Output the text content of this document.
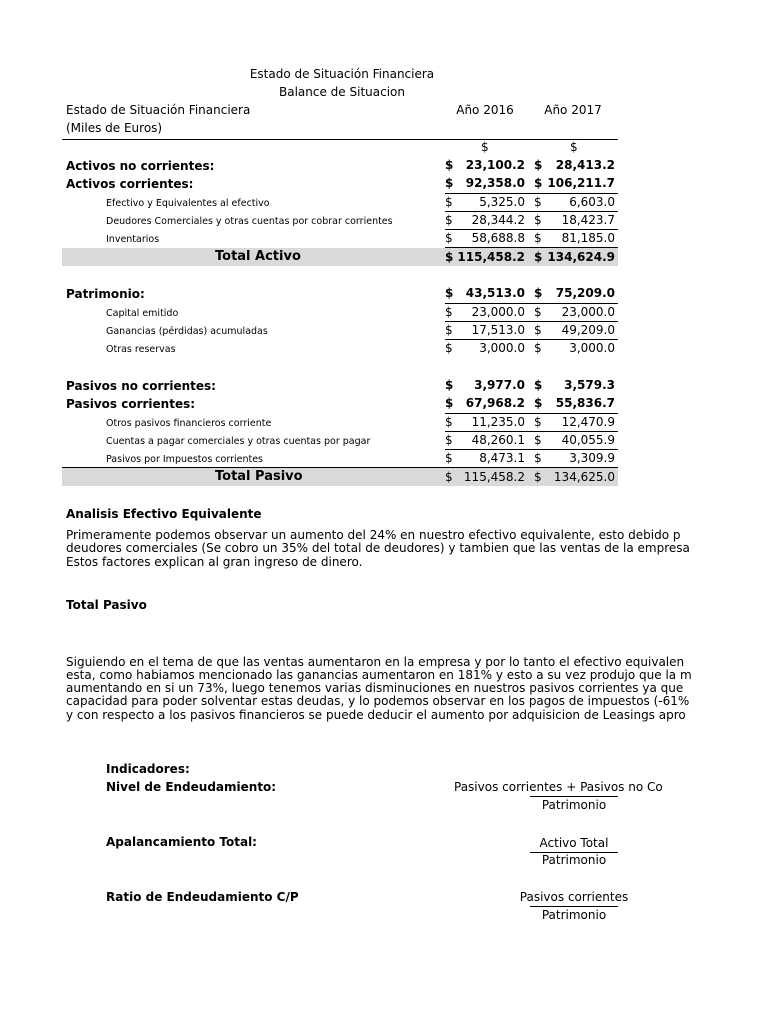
Estado de Situación Financiera
Balance de Situacion
Estado de Situación Financiera
(Miles de Euros)
Año 2016	Año 2017
$	$
Activos no corrientes:	$	23,100.2 $	28,413.2
Activos corrientes:	$	92,358.0 $ 106,211.7
Efectivo y Equivalentes al efectivo	$	5,325.0 $	6,603.0
Deudores Comerciales y otras cuentas por cobrar corrientes	$	28,344.2 $	18,423.7
Inventarios	$	58,688.8 $	81,185.0
Total Activo	$ 115,458.2 $ 134,624.9
Patrimonio:	$	43,513.0 $	75,209.0
Capital emitido	$	23,000.0 $	23,000.0
Ganancias (pérdidas) acumuladas	$	17,513.0 $	49,209.0
Otras reservas	$	3,000.0 $	3,000.0
Pasivos no corrientes:	$	3,977.0 $	3,579.3
Pasivos corrientes:	$	67,968.2 $	55,836.7
Otros pasivos financieros corriente	$	11,235.0 $	12,470.9
Cuentas a pagar comerciales y otras cuentas por pagar	$	48,260.1 $	40,055.9
Pasivos por Impuestos corrientes	$	8,473.1 $	3,309.9
Total Pasivo	$ 115,458.2 $	134,625.0
Analisis Efectivo Equivalente
Primeramente podemos observar un aumento del 24% en nuestro efectivo equivalente, esto debido p
deudores comerciales (Se cobro un 35% del total de deudores) y tambien que las ventas de la empresa
Estos factores explican al gran ingreso de dinero.
Total Pasivo
Siguiendo en el tema de que las ventas aumentaron en la empresa y por lo tanto el efectivo equivalen
esta, como habiamos mencionado las ganancias aumentaron en 181% y esto a su vez produjo que la m
aumentando en si un 73%, luego tenemos varias disminuciones en nuestros pasivos corrientes ya que
capacidad para poder solventar estas deudas, y lo podemos observar en los pagos de impuestos (-61%
y con respecto a los pasivos financieros se puede deducir el aumento por adquisicion de Leasings apro
Indicadores:
Nivel de Endeudamiento:	Pasivos corrientes + Pasivos no Co
Patrimonio
Apalancamiento Total:	Activo Total
Patrimonio
Ratio de Endeudamiento C/P	Pasivos corrientes
Patrimonio
